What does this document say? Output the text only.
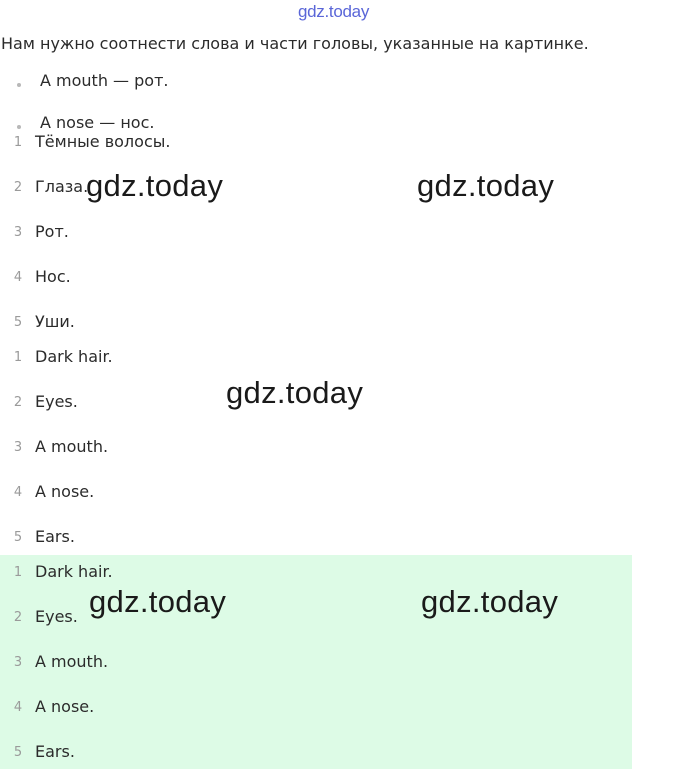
gdz.today
Нам нужно соотнести слова и части головы, указанные на картинке.
A mouth — рот.
A nose — нос.
1 Тёмные волосы.
2 Глаза.
3 Рот.
4 Нос.
5 Уши.
1 Dark hair.
2 Eyes.
3 A mouth.
4 A nose.
5 Ears.
1 Dark hair.
2 Eyes.
3 A mouth.
4 A nose.
5 Ears.
gdz.today	gdz.today
gdz.today
gdz.today	gdz.today
